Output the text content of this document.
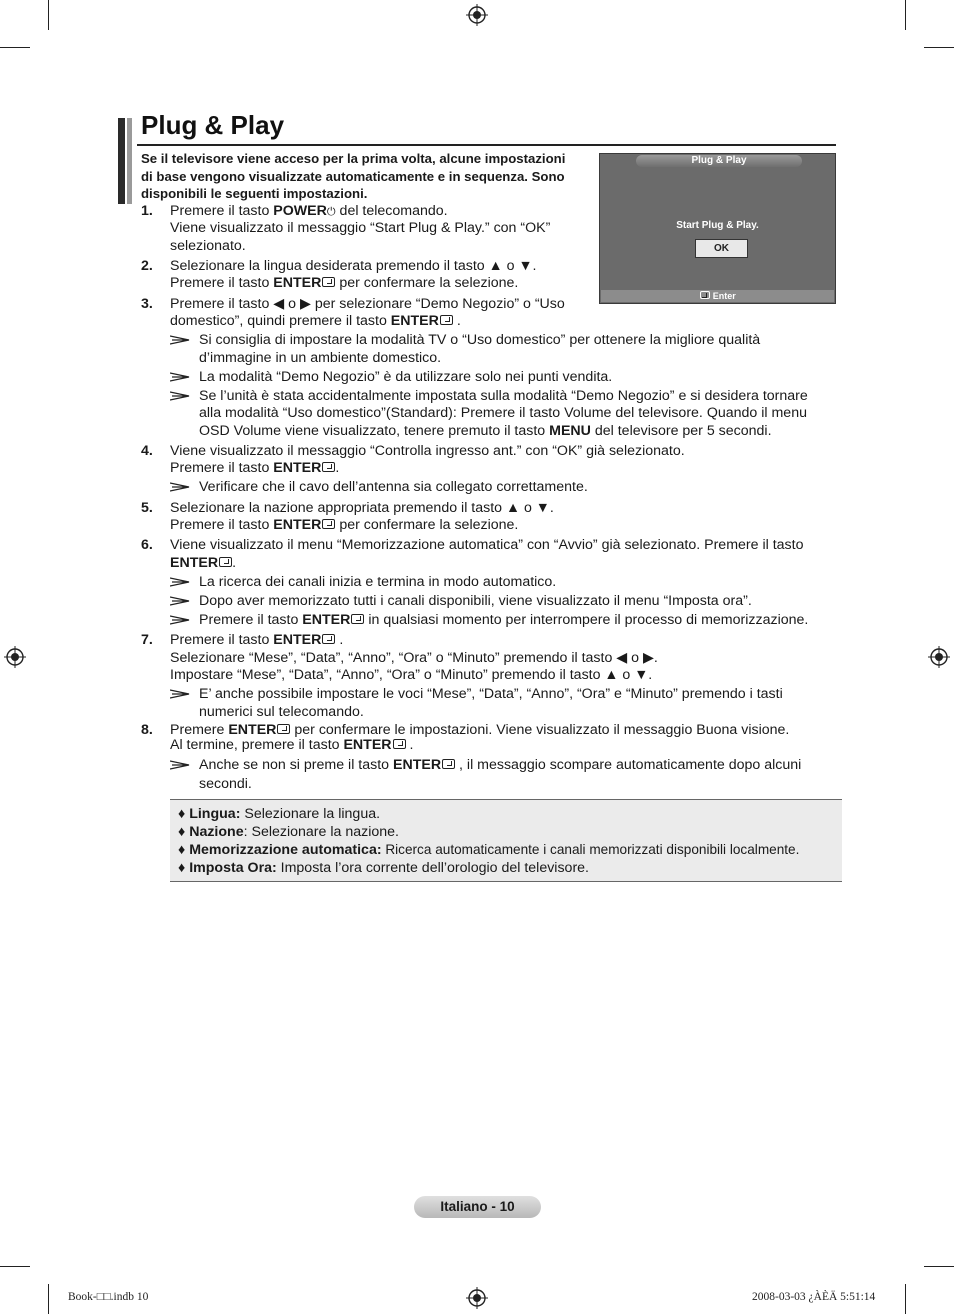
Plug & Play
Se il televisore viene acceso per la prima volta, alcune impostazioni
di base vengono visualizzate automaticamente e in sequenza. Sono
disponibili le seguenti impostazioni.
Plug & Play
Start Plug & Play.
OK
Enter
1. Premere il tasto POWER⏻ del telecomando.
Viene visualizzato il messaggio “Start Plug & Play.” con “OK”
selezionato.
2. Selezionare la lingua desiderata premendo il tasto ▲ o ▼.
Premere il tasto ENTER per confermare la selezione.
3. Premere il tasto ◀ o ▶ per selezionare “Demo Negozio” o “Uso
domestico”, quindi premere il tasto ENTER .
Si consiglia di impostare la modalità TV o “Uso domestico” per ottenere la migliore qualità
d’immagine in un ambiente domestico.
La modalità “Demo Negozio” è da utilizzare solo nei punti vendita.
Se l’unità è stata accidentalmente impostata sulla modalità “Demo Negozio” e si desidera tornare
alla modalità “Uso domestico”(Standard): Premere il tasto Volume del televisore. Quando il menu
OSD Volume viene visualizzato, tenere premuto il tasto MENU del televisore per 5 secondi.
4. Viene visualizzato il messaggio “Controlla ingresso ant.” con “OK” già selezionato.
Premere il tasto ENTER .
Verificare che il cavo dell’antenna sia collegato correttamente.
5. Selezionare la nazione appropriata premendo il tasto ▲ o ▼.
Premere il tasto ENTER per confermare la selezione.
6. Viene visualizzato il menu “Memorizzazione automatica” con “Avvio” già selezionato. Premere il tasto
ENTER .
La ricerca dei canali inizia e termina in modo automatico.
Dopo aver memorizzato tutti i canali disponibili, viene visualizzato il menu “Imposta ora”.
Premere il tasto ENTER in qualsiasi momento per interrompere il processo di memorizzazione.
7. Premere il tasto ENTER .
Selezionare “Mese”, “Data”, “Anno”, “Ora” o “Minuto” premendo il tasto ◀ o ▶.
Impostare “Mese”, “Data”, “Anno”, “Ora” o “Minuto” premendo il tasto ▲ o ▼.
E’ anche possibile impostare le voci “Mese”, “Data”, “Anno”, “Ora” e “Minuto” premendo i tasti
numerici sul telecomando.
8. Premere ENTER per confermare le impostazioni. Viene visualizzato il messaggio Buona visione.
Al termine, premere il tasto ENTER .
Anche se non si preme il tasto ENTER , il messaggio scompare automaticamente dopo alcuni
secondi.
♦ Lingua: Selezionare la lingua.
♦ Nazione: Selezionare la nazione.
♦ Memorizzazione automatica: Ricerca automaticamente i canali memorizzati disponibili localmente.
♦ Imposta Ora: Imposta l’ora corrente dell’orologio del televisore.
Italiano - 10
Book-□□.indb 10	2008-03-03 ¿ÀÈÄ 5:51:14
